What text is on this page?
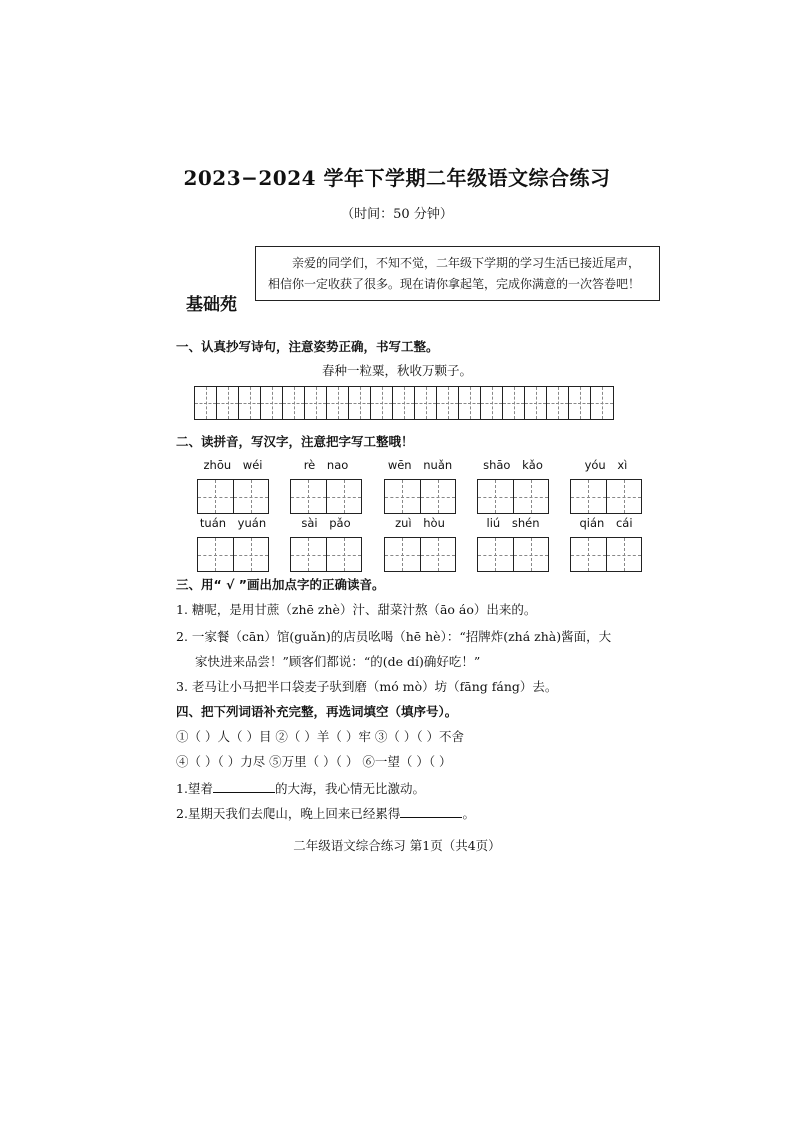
2023−2024 学年下学期二年级语文综合练习
（时间：50 分钟）
亲爱的同学们，不知不觉，二年级下学期的学习生活已接近尾声，相信你一定收获了很多。现在请你拿起笔，完成你满意的一次答卷吧！
基础苑
一、认真抄写诗句，注意姿势正确，书写工整。
春种一粒粟，秋收万颗子。
二、读拼音，写汉字，注意把字写工整哦！
zhōu wéi	rè nao	wēn nuǎn	shāo kǎo	yóu xì
tuán yuán	sài pǎo	zuì hòu	liú shén	qián cái
三、用“ √ ”画出加点字的正确读音。
1. 糖呢，是用甘蔗（zhē zhè）汁、甜菜汁熬（āo áo）出来的。
2. 一家餐（cān）馆(guǎn)的店员吆喝（hē hè）：“招牌炸(zhá zhà)酱面，大
家快进来品尝！”顾客们都说：“的(de dí)确好吃！”
3. 老马让小马把半口袋麦子驮到磨（mó mò）坊（fāng fáng）去。
四、把下列词语补充完整，再选词填空（填序号）。
①（ ）人（ ）目 ②（ ）羊（ ）牢 ③（ ）（ ）不舍
④（ ）（ ）力尽 ⑤万里（ ）（ ） ⑥一望（ ）（ ）
1.望着	的大海，我心情无比激动。
2.星期天我们去爬山，晚上回来已经累得	。
二年级语文综合练习 第1页（共4页）
